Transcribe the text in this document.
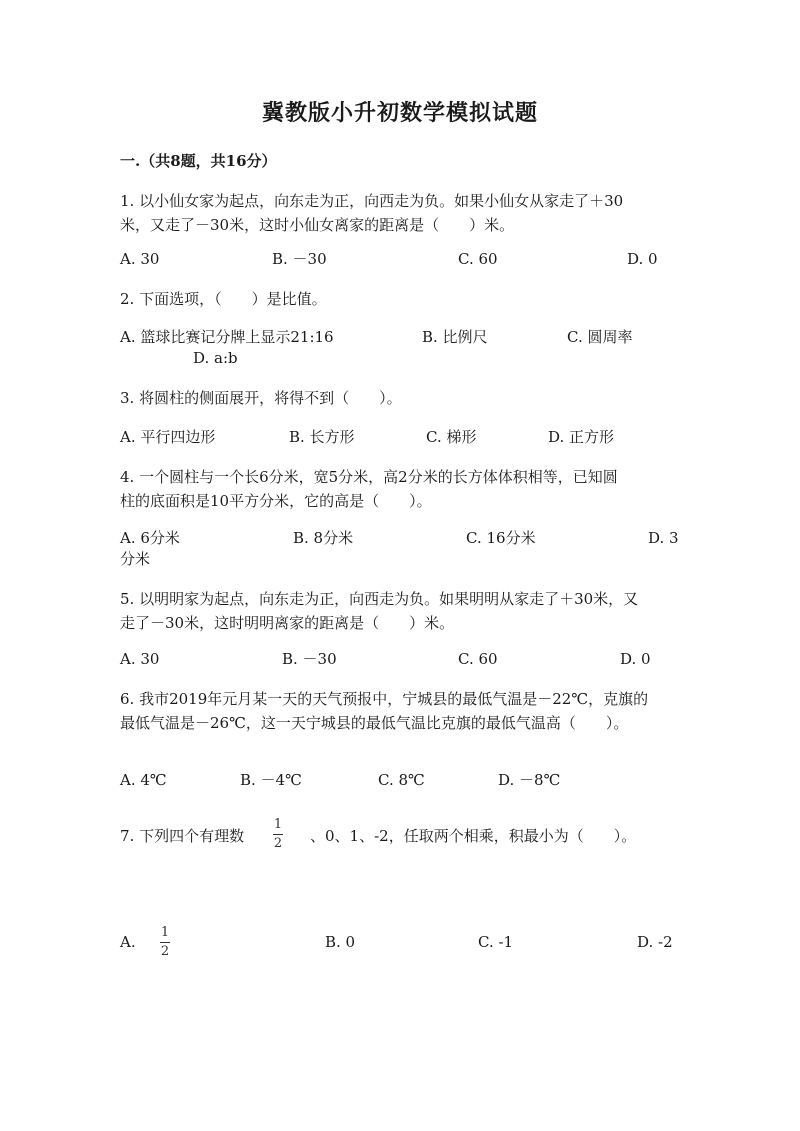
冀教版小升初数学模拟试题
一.（共8题，共16分）
1. 以小仙女家为起点，向东走为正，向西走为负。如果小仙女从家走了＋30
米，又走了－30米，这时小仙女离家的距离是（　　）米。
A. 30	B. －30	C. 60	D. 0
2. 下面选项，（　　）是比值。
A. 篮球比赛记分牌上显示21:16	B. 比例尺	C. 圆周率
D. a:b
3. 将圆柱的侧面展开，将得不到（　　）。
A. 平行四边形	B. 长方形	C. 梯形	D. 正方形
4. 一个圆柱与一个长6分米，宽5分米，高2分米的长方体体积相等，已知圆
柱的底面积是10平方分米，它的高是（　　）。
A. 6分米	B. 8分米	C. 16分米	D. 3
分米
5. 以明明家为起点，向东走为正，向西走为负。如果明明从家走了＋30米，又
走了－30米，这时明明离家的距离是（　　）米。
A. 30	B. －30	C. 60	D. 0
6. 我市2019年元月某一天的天气预报中，宁城县的最低气温是－22℃，克旗的
最低气温是－26℃，这一天宁城县的最低气温比克旗的最低气温高（　　）。
A. 4℃	B. －4℃	C. 8℃	D. －8℃
7. 下列四个有理数
1
2 、0、1、-2，任取两个相乘，积最小为（　　）。
A.
1
2
B. 0	C. -1	D. -2
